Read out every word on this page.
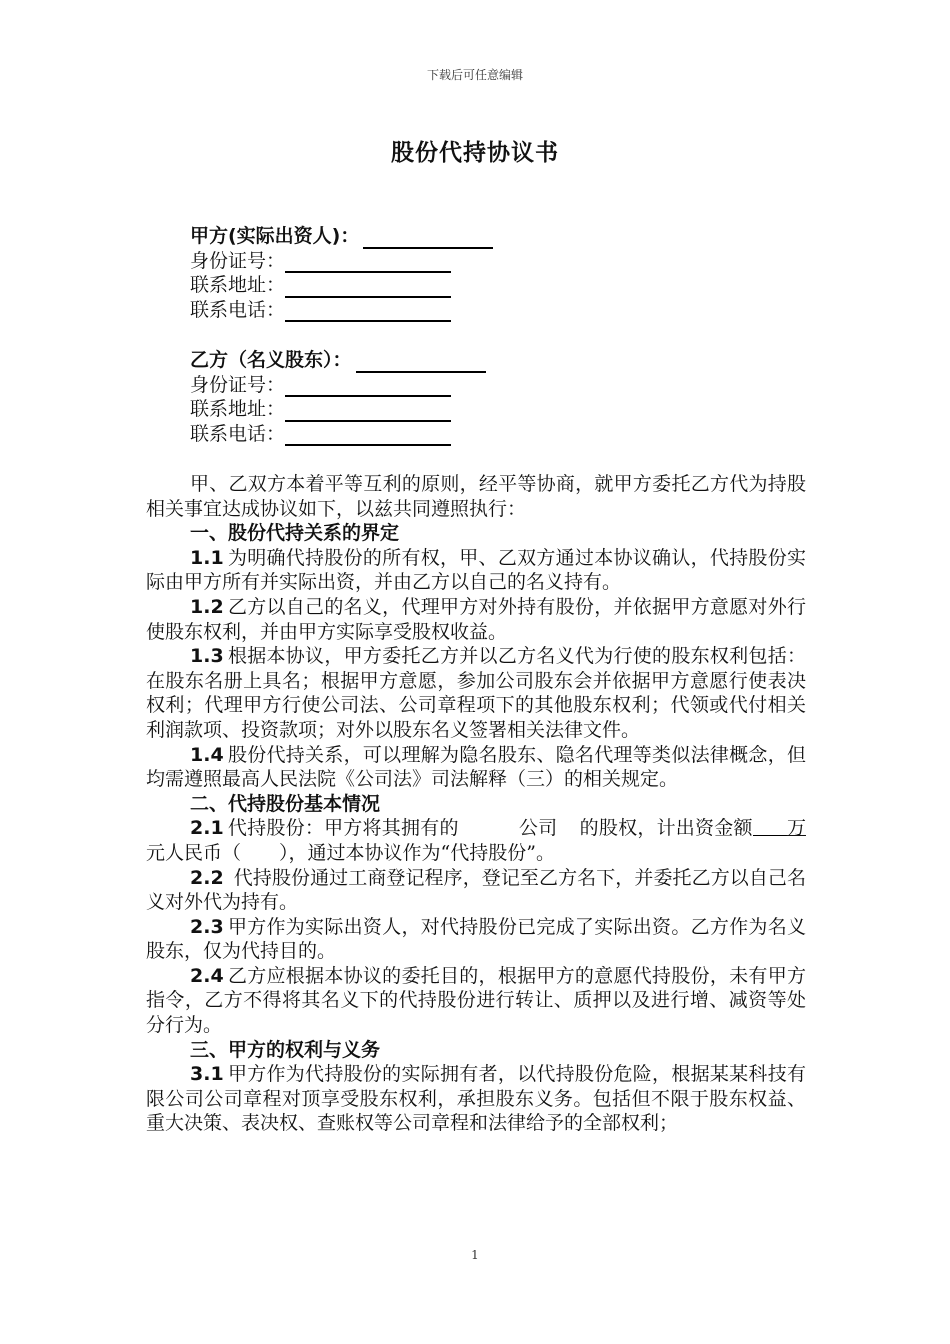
下载后可任意编辑
股份代持协议书
甲方(实际出资人)：
身份证号：
联系地址：
联系电话：
乙方（名义股东）：
身份证号：
联系地址：
联系电话：

甲、乙双方本着平等互利的原则，经平等协商，就甲方委托乙方代为持股相关事宜达成协议如下，以兹共同遵照执行：

一、股份代持关系的界定

1.1 为明确代持股份的所有权，甲、乙双方通过本协议确认，代持股份实际由甲方所有并实际出资，并由乙方以自己的名义持有。

1.2 乙方以自己的名义，代理甲方对外持有股份，并依据甲方意愿对外行使股东权利，并由甲方实际享受股权收益。

1.3 根据本协议，甲方委托乙方并以乙方名义代为行使的股东权利包括：在股东名册上具名；根据甲方意愿，参加公司股东会并依据甲方意愿行使表决权利；代理甲方行使公司法、公司章程项下的其他股东权利；代领或代付相关利润款项、投资款项；对外以股东名义签署相关法律文件。

1.4 股份代持关系，可以理解为隐名股东、隐名代理等类似法律概念，但均需遵照最高人民法院《公司法》司法解释（三）的相关规定。

二、代持股份基本情况

2.1 代持股份：甲方将其拥有的	公司 的股权，计出资金额 万元人民币（ ），通过本协议作为“代持股份”。

2.2 代持股份通过工商登记程序，登记至乙方名下，并委托乙方以自己名义对外代为持有。

2.3 甲方作为实际出资人，对代持股份已完成了实际出资。乙方作为名义股东，仅为代持目的。

2.4 乙方应根据本协议的委托目的，根据甲方的意愿代持股份，未有甲方指令，乙方不得将其名义下的代持股份进行转让、质押以及进行增、减资等处分行为。

三、甲方的权利与义务

3.1 甲方作为代持股份的实际拥有者，以代持股份危险，根据某某科技有限公司公司章程对顶享受股东权利，承担股东义务。包括但不限于股东权益、重大决策、表决权、查账权等公司章程和法律给予的全部权利；

1
